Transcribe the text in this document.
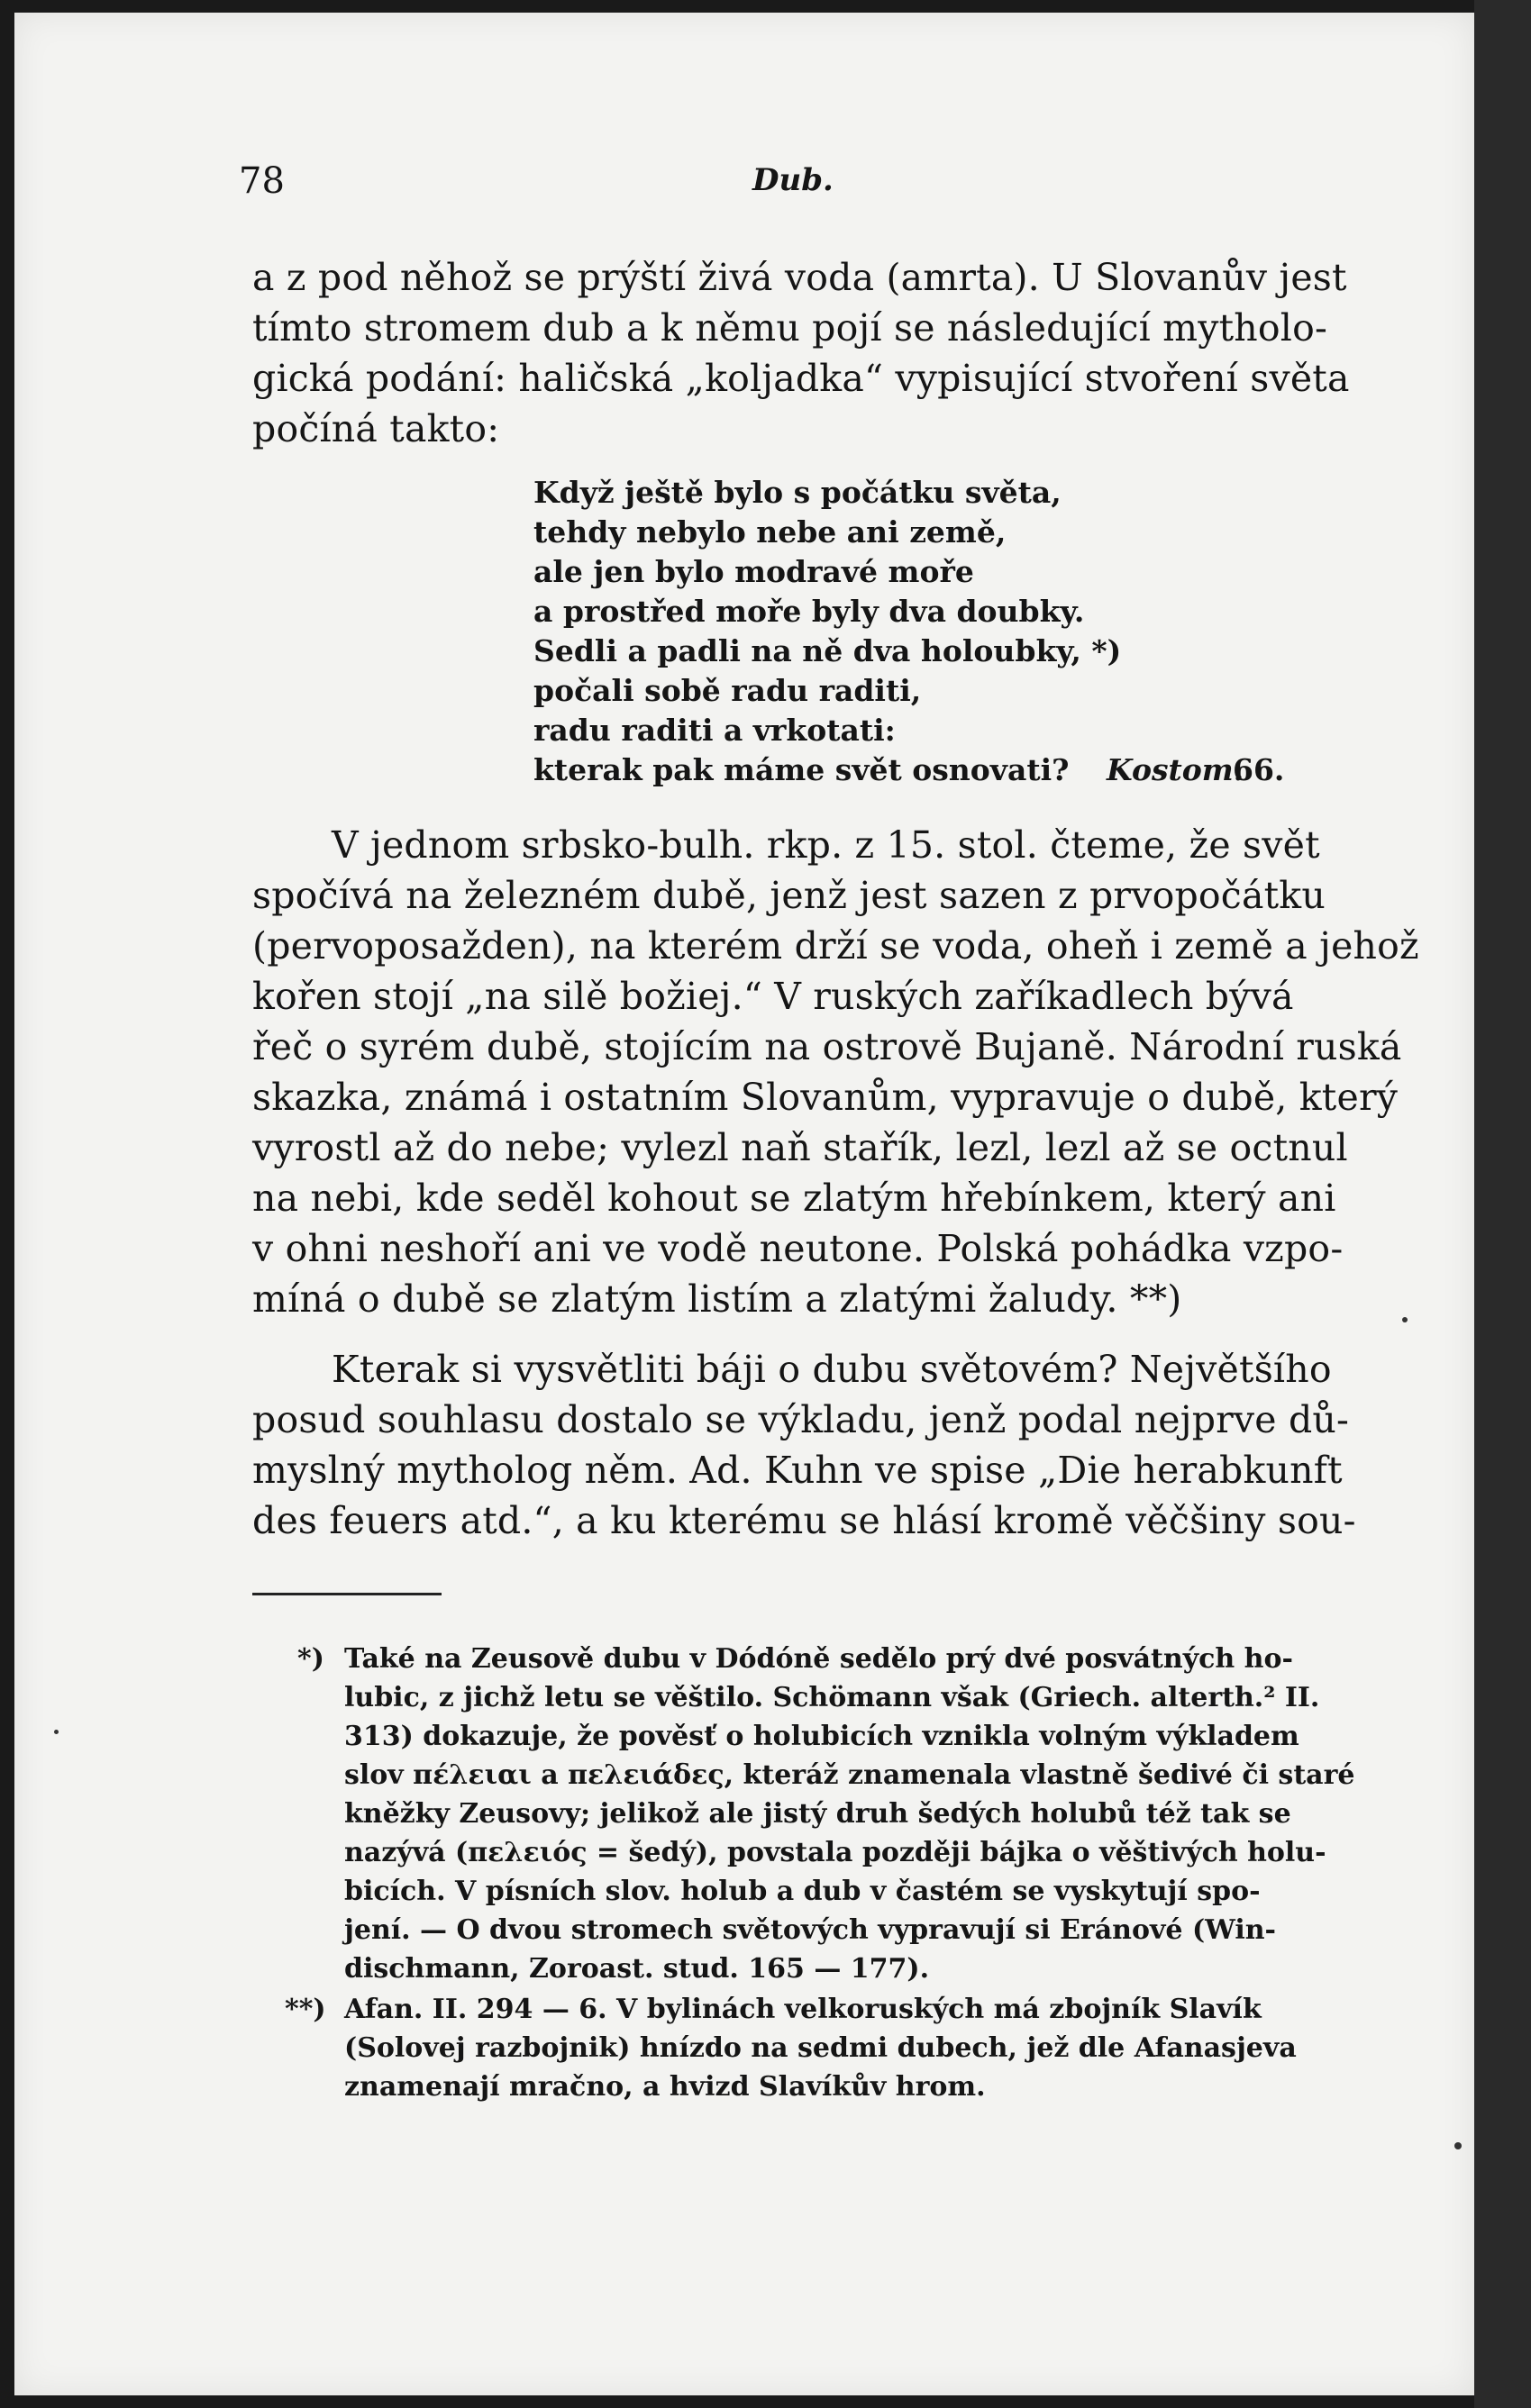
78	Dub.
a z pod něhož se prýští živá voda (amrta). U Slovanův jest
tímto stromem dub a k němu pojí se následující mytholo-
gická podání: haličská „koljadka“ vypisující stvoření světa
počíná takto:
Když ještě bylo s počátku světa,
tehdy nebylo nebe ani země,
ale jen bylo modravé moře
a prostřed moře byly dva doubky.
Sedli a padli na ně dva holoubky, *)
počali sobě radu raditi,
radu raditi a vrkotati:
kterak pak máme svět osnovati? Kostom.
66.
V jednom srbsko-bulh. rkp. z 15. stol. čteme, že svět
spočívá na železném dubě, jenž jest sazen z prvopočátku
(pervoposažden), na kterém drží se voda, oheň i země a jehož
kořen stojí „na silě božiej.“ V ruských zaříkadlech bývá
řeč o syrém dubě, stojícím na ostrově Bujaně. Národní ruská
skazka, známá i ostatním Slovanům, vypravuje o dubě, který
vyrostl až do nebe; vylezl naň stařík, lezl, lezl až se octnul
na nebi, kde seděl kohout se zlatým hřebínkem, který ani
v ohni neshoří ani ve vodě neutone. Polská pohádka vzpo-
míná o dubě se zlatým listím a zlatými žaludy. **)
Kterak si vysvětliti báji o dubu světovém? Největšího
posud souhlasu dostalo se výkladu, jenž podal nejprve dů-
myslný mytholog něm. Ad. Kuhn ve spise „Die herabkunft
des feuers atd.“, a ku kterému se hlásí kromě věčšiny sou-
*) Také na Zeusově dubu v Dódóně sedělo prý dvé posvátných ho-
lubic, z jichž letu se věštilo. Schömann však (Griech. alterth.² II.
313) dokazuje, že pověsť o holubicích vznikla volným výkladem
slov πέλειαι a πελειάδες, kteráž znamenala vlastně šedivé či staré
kněžky Zeusovy; jelikož ale jistý druh šedých holubů též tak se
nazývá (πελειός = šedý), povstala později bájka o věštivých holu-
bicích. V písních slov. holub a dub v častém se vyskytují spo-
jení. — O dvou stromech světových vypravují si Eránové (Win-
dischmann, Zoroast. stud. 165 — 177).
**) Afan. II. 294 — 6. V bylinách velkoruských má zbojník Slavík
(Solovej razbojnik) hnízdo na sedmi dubech, jež dle Afanasjeva
znamenají mračno, a hvizd Slavíkův hrom.
